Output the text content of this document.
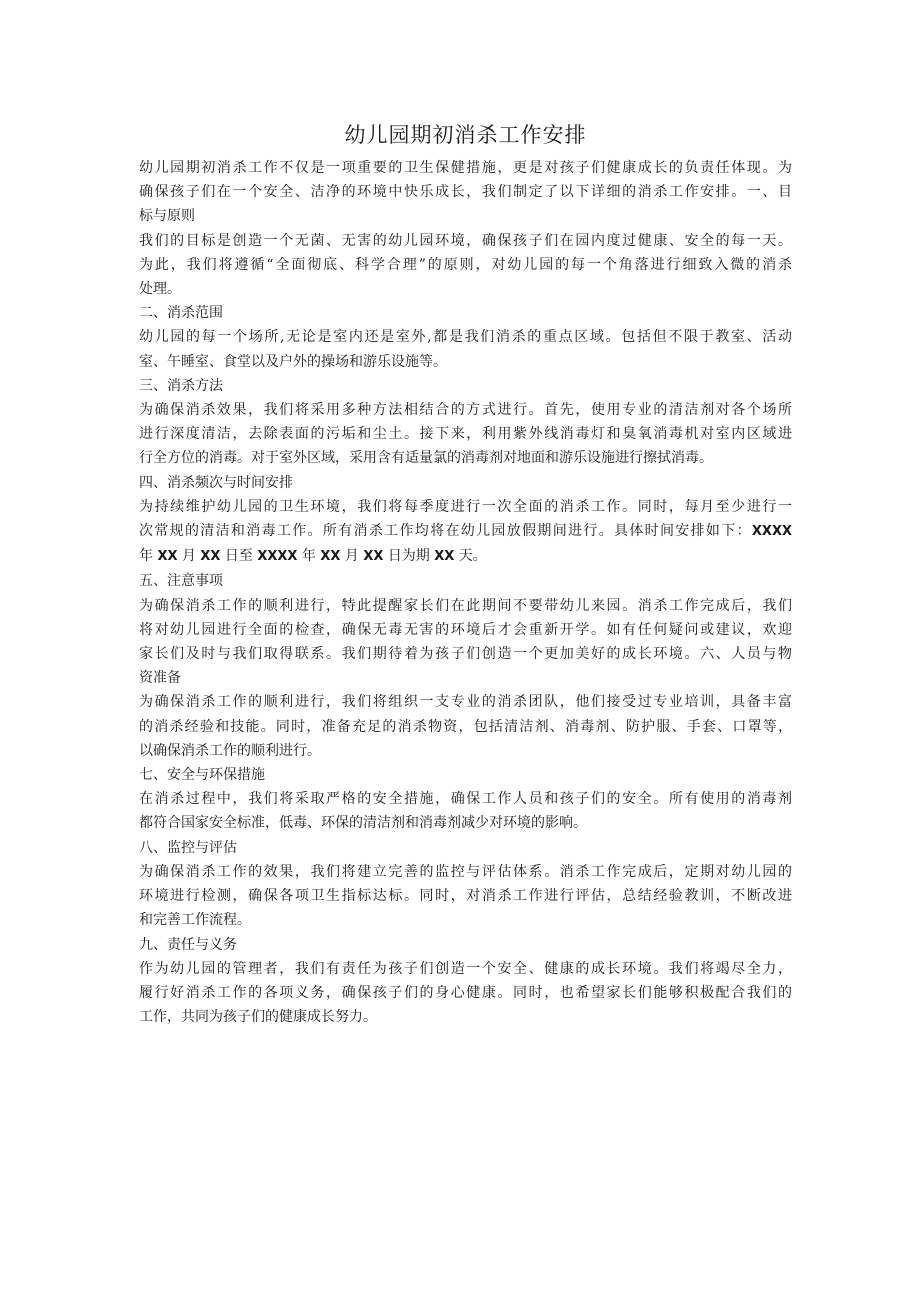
幼儿园期初消杀工作安排

幼儿园期初消杀工作不仅是一项重要的卫生保健措施，更是对孩子们健康成长的负责任体现。为

确保孩子们在一个安全、洁净的环境中快乐成长，我们制定了以下详细的消杀工作安排。一、目

标与原则

我们的目标是创造一个无菌、无害的幼儿园环境，确保孩子们在园内度过健康、安全的每一天。

为此，我们将遵循“全面彻底、科学合理”的原则，对幼儿园的每一个角落进行细致入微的消杀

处理。

二、消杀范围

幼儿园的每一个场所,无论是室内还是室外,都是我们消杀的重点区域。包括但不限于教室、活动

室、午睡室、食堂以及户外的操场和游乐设施等。

三、消杀方法

为确保消杀效果，我们将采用多种方法相结合的方式进行。首先，使用专业的清洁剂对各个场所

进行深度清洁，去除表面的污垢和尘土。接下来，利用紫外线消毒灯和臭氧消毒机对室内区域进

行全方位的消毒。对于室外区域，采用含有适量氯的消毒剂对地面和游乐设施进行擦拭消毒。

四、消杀频次与时间安排

为持续维护幼儿园的卫生环境，我们将每季度进行一次全面的消杀工作。同时，每月至少进行一

次常规的清洁和消毒工作。所有消杀工作均将在幼儿园放假期间进行。具体时间安排如下：XXXX

年 XX 月 XX 日至 XXXX 年 XX 月 XX 日为期 XX 天。

五、注意事项

为确保消杀工作的顺利进行，特此提醒家长们在此期间不要带幼儿来园。消杀工作完成后，我们

将对幼儿园进行全面的检查，确保无毒无害的环境后才会重新开学。如有任何疑问或建议，欢迎

家长们及时与我们取得联系。我们期待着为孩子们创造一个更加美好的成长环境。六、人员与物

资准备

为确保消杀工作的顺利进行，我们将组织一支专业的消杀团队，他们接受过专业培训，具备丰富

的消杀经验和技能。同时，准备充足的消杀物资，包括清洁剂、消毒剂、防护服、手套、口罩等，

以确保消杀工作的顺利进行。

七、安全与环保措施

在消杀过程中，我们将采取严格的安全措施，确保工作人员和孩子们的安全。所有使用的消毒剂

都符合国家安全标准，低毒、环保的清洁剂和消毒剂减少对环境的影响。

八、监控与评估

为确保消杀工作的效果，我们将建立完善的监控与评估体系。消杀工作完成后，定期对幼儿园的

环境进行检测，确保各项卫生指标达标。同时，对消杀工作进行评估，总结经验教训，不断改进

和完善工作流程。

九、责任与义务

作为幼儿园的管理者，我们有责任为孩子们创造一个安全、健康的成长环境。我们将竭尽全力，

履行好消杀工作的各项义务，确保孩子们的身心健康。同时，也希望家长们能够积极配合我们的

工作，共同为孩子们的健康成长努力。
